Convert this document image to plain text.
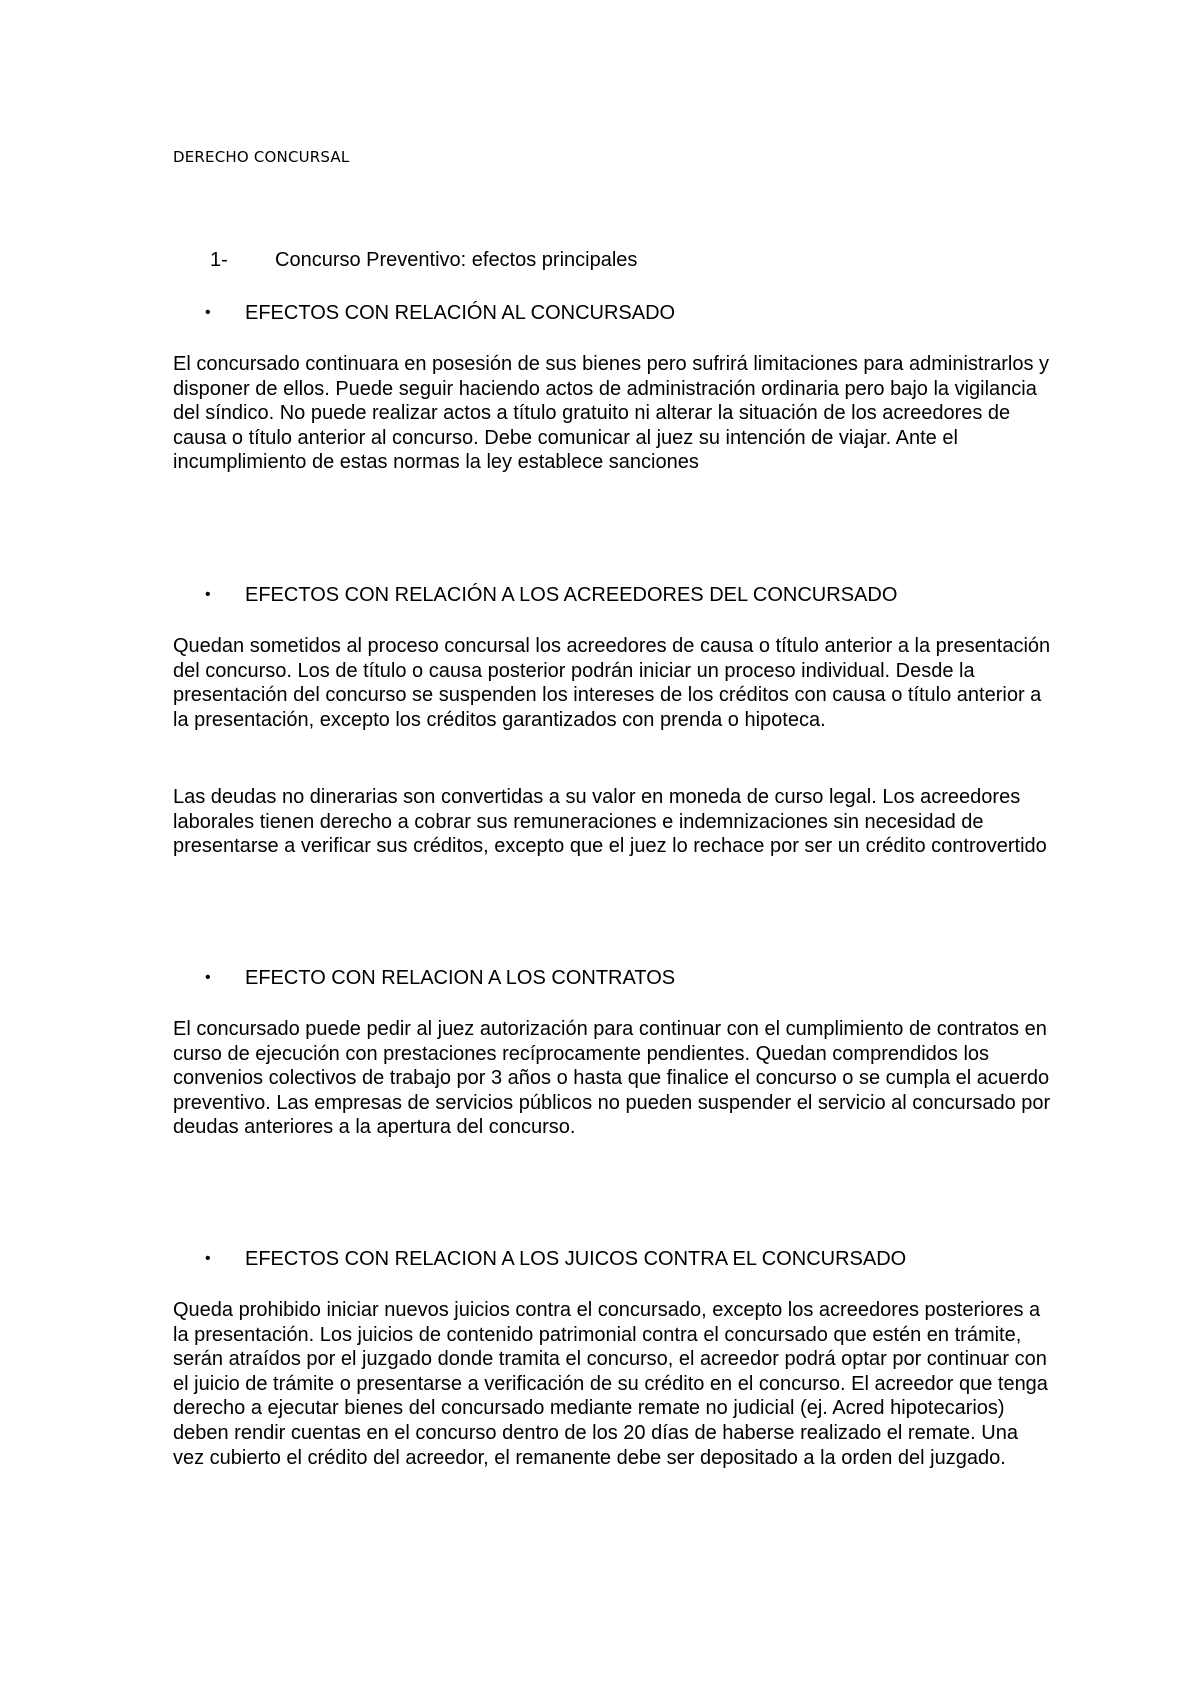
DERECHO CONCURSAL
1- Concurso Preventivo: efectos principales
• EFECTOS CON RELACIÓN AL CONCURSADO

El concursado continuara en posesión de sus bienes pero sufrirá limitaciones para administrarlos y disponer de ellos. Puede seguir haciendo actos de administración ordinaria pero bajo la vigilancia del síndico. No puede realizar actos a título gratuito ni alterar la situación de los acreedores de causa o título anterior al concurso. Debe comunicar al juez su intención de viajar. Ante el incumplimiento de estas normas la ley establece sanciones

• EFECTOS CON RELACIÓN A LOS ACREEDORES DEL CONCURSADO

Quedan sometidos al proceso concursal los acreedores de causa o título anterior a la presentación del concurso. Los de título o causa posterior podrán iniciar un proceso individual. Desde la presentación del concurso se suspenden los intereses de los créditos con causa o título anterior a la presentación, excepto los créditos garantizados con prenda o hipoteca.

Las deudas no dinerarias son convertidas a su valor en moneda de curso legal. Los acreedores laborales tienen derecho a cobrar sus remuneraciones e indemnizaciones sin necesidad de presentarse a verificar sus créditos, excepto que el juez lo rechace por ser un crédito controvertido

• EFECTO CON RELACION A LOS CONTRATOS

El concursado puede pedir al juez autorización para continuar con el cumplimiento de contratos en curso de ejecución con prestaciones recíprocamente pendientes. Quedan comprendidos los convenios colectivos de trabajo por 3 años o hasta que finalice el concurso o se cumpla el acuerdo preventivo. Las empresas de servicios públicos no pueden suspender el servicio al concursado por deudas anteriores a la apertura del concurso.

• EFECTOS CON RELACION A LOS JUICOS CONTRA EL CONCURSADO

Queda prohibido iniciar nuevos juicios contra el concursado, excepto los acreedores posteriores a la presentación. Los juicios de contenido patrimonial contra el concursado que estén en trámite, serán atraídos por el juzgado donde tramita el concurso, el acreedor podrá optar por continuar con el juicio de trámite o presentarse a verificación de su crédito en el concurso. El acreedor que tenga derecho a ejecutar bienes del concursado mediante remate no judicial (ej. Acred hipotecarios) deben rendir cuentas en el concurso dentro de los 20 días de haberse realizado el remate. Una vez cubierto el crédito del acreedor, el remanente debe ser depositado a la orden del juzgado.
